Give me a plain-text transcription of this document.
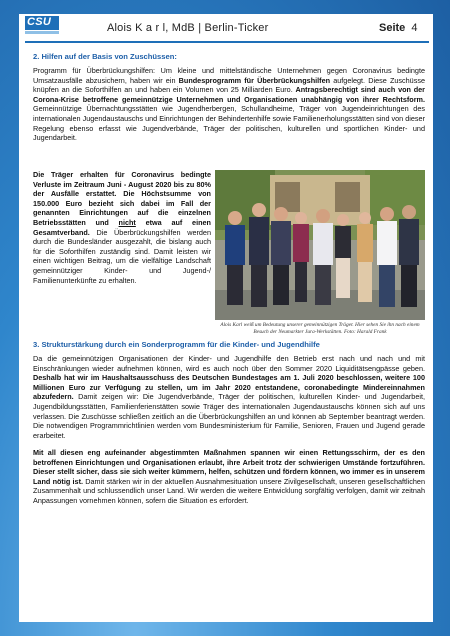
CSU	Alois K a r l, MdB | Berlin-Ticker	Seite 4
2. Hilfen auf der Basis von Zuschüssen:

Programm für Überbrückungshilfen: Um kleine und mittelständische Unternehmen gegen Coronavirus bedingte Umsatzausfälle abzusichern, haben wir ein Bundesprogramm für Überbrückungshilfen aufgelegt. Diese Zuschüsse knüpfen an die Soforthilfen an und haben ein Volumen von 25 Milliarden Euro. Antragsberechtigt sind auch von der Corona-Krise betroffene gemeinnützige Unternehmen und Organisationen unabhängig von ihrer Rechtsform. Gemeinnützige Übernachtungsstätten wie Jugendherbergen, Schullandheime, Träger von Jugendeinrichtungen des internationalen Jugendaustauschs und Einrichtungen der Behindertenhilfe sowie Familienerholungsstätten sind von dieser Regelung ebenso erfasst wie Jugendverbände, Träger der politischen, kulturellen und sportlichen Kinder- und Jugendarbeit.

Die Träger erhalten für Coronavirus bedingte Verluste im Zeitraum Juni - August 2020 bis zu 80% der Ausfälle erstattet. Die Höchstsumme von 150.000 Euro bezieht sich dabei im Fall der genannten Einrichtungen auf die einzelnen Betriebsstätten und nicht etwa auf einen Gesamtverband. Die Überbrückungshilfen werden durch die Bundesländer ausgezahlt, die bislang auch für die Soforthilfen zuständig sind. Damit leisten wir einen wichtigen Beitrag, um die vielfältige Landschaft gemeinnütziger Kinder- und Jugend-/ Familienunterkünfte zu erhalten.

Alois Karl weiß um Bedeutung unserer gemeinnützigen Träger. Hier sehen Sie ihn nach einem Besuch der Neumarkter Jura-Werkstätten. Foto: Harald Frank
3. Strukturstärkung durch ein Sonderprogramm für die Kinder- und Jugendhilfe

Da die gemeinnützigen Organisationen der Kinder- und Jugendhilfe den Betrieb erst nach und nach und mit Einschränkungen wieder aufnehmen können, wird es auch noch über den Sommer 2020 Liquiditätsengpässe geben. Deshalb hat wir im Haushaltsausschuss des Deutschen Bundestages am 1. Juli 2020 beschlossen, weitere 100 Millionen Euro zur Verfügung zu stellen, um im Jahr 2020 entstandene, coronabedingte Mindereinnahmen abzufedern. Damit zeigen wir: Die Jugendverbände, Träger der politischen, kulturellen Kinder- und Jugendarbeit, Jugendbildungsstätten, Familienferienstätten sowie Träger des internationalen Jugendaustauschs können sich auf uns verlassen. Die Zuschüsse schließen zeitlich an die Überbrückungshilfen an und können ab September beantragt werden. Die notwendigen Programmrichtlinien werden vom Bundesministerium für Familie, Senioren, Frauen und Jugend gerade erarbeitet.

Mit all diesen eng aufeinander abgestimmten Maßnahmen spannen wir einen Rettungsschirm, der es den betroffenen Einrichtungen und Organisationen erlaubt, ihre Arbeit trotz der schwierigen Umstände fortzuführen. Dieser stellt sicher, dass sie sich weiter kümmern, helfen, schützen und fördern können, wo immer es in unserem Land nötig ist. Damit stärken wir in der aktuellen Ausnahmesituation unsere Zivilgesellschaft, unseren gesellschaftlichen Zusammenhalt und schlussendlich unser Land. Wir werden die weitere Entwicklung sorgfältig verfolgen, damit wir zeitnah Anpassungen vornehmen können, sofern die Situation es erfordert.
